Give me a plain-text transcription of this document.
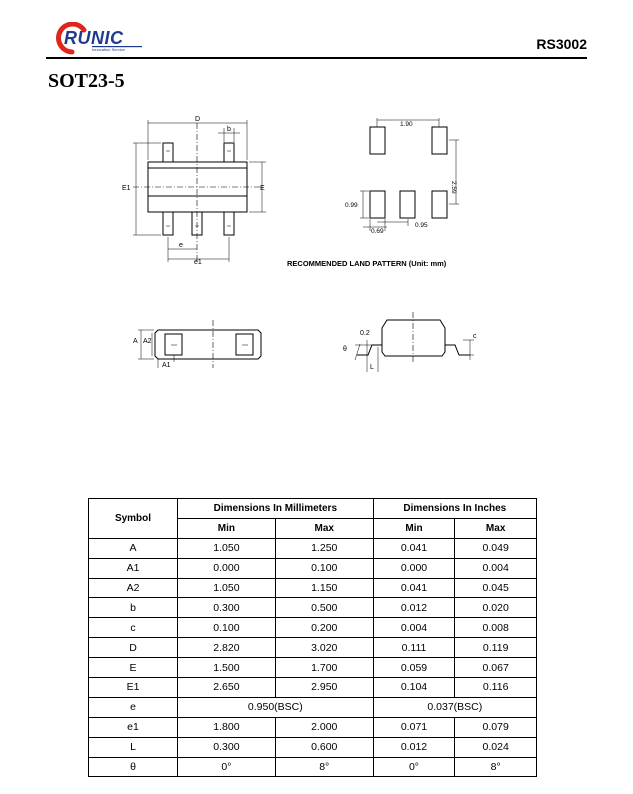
RUNIC
Innovation Service	RS3002
SOT23-5
D
b
E1	E
e
e1
1.90
2.59
0.99
0.69
0.95
A A2
A1
0.2
θ
L
c
RECOMMENDED LAND PATTERN (Unit: mm)
Symbol	Dimensions In Millimeters		Dimensions In Inches	
	Min	Max	Min	Max
A	1.050	1.250	0.041	0.049
A1	0.000	0.100	0.000	0.004
A2	1.050	1.150	0.041	0.045
b	0.300	0.500	0.012	0.020
c	0.100	0.200	0.004	0.008
D	2.820	3.020	0.111	0.119
E	1.500	1.700	0.059	0.067
E1	2.650	2.950	0.104	0.116
e	0.950(BSC)		0.037(BSC)	
e1	1.800	2.000	0.071	0.079
L	0.300	0.600	0.012	0.024
θ	0°	8°	0°	8°
